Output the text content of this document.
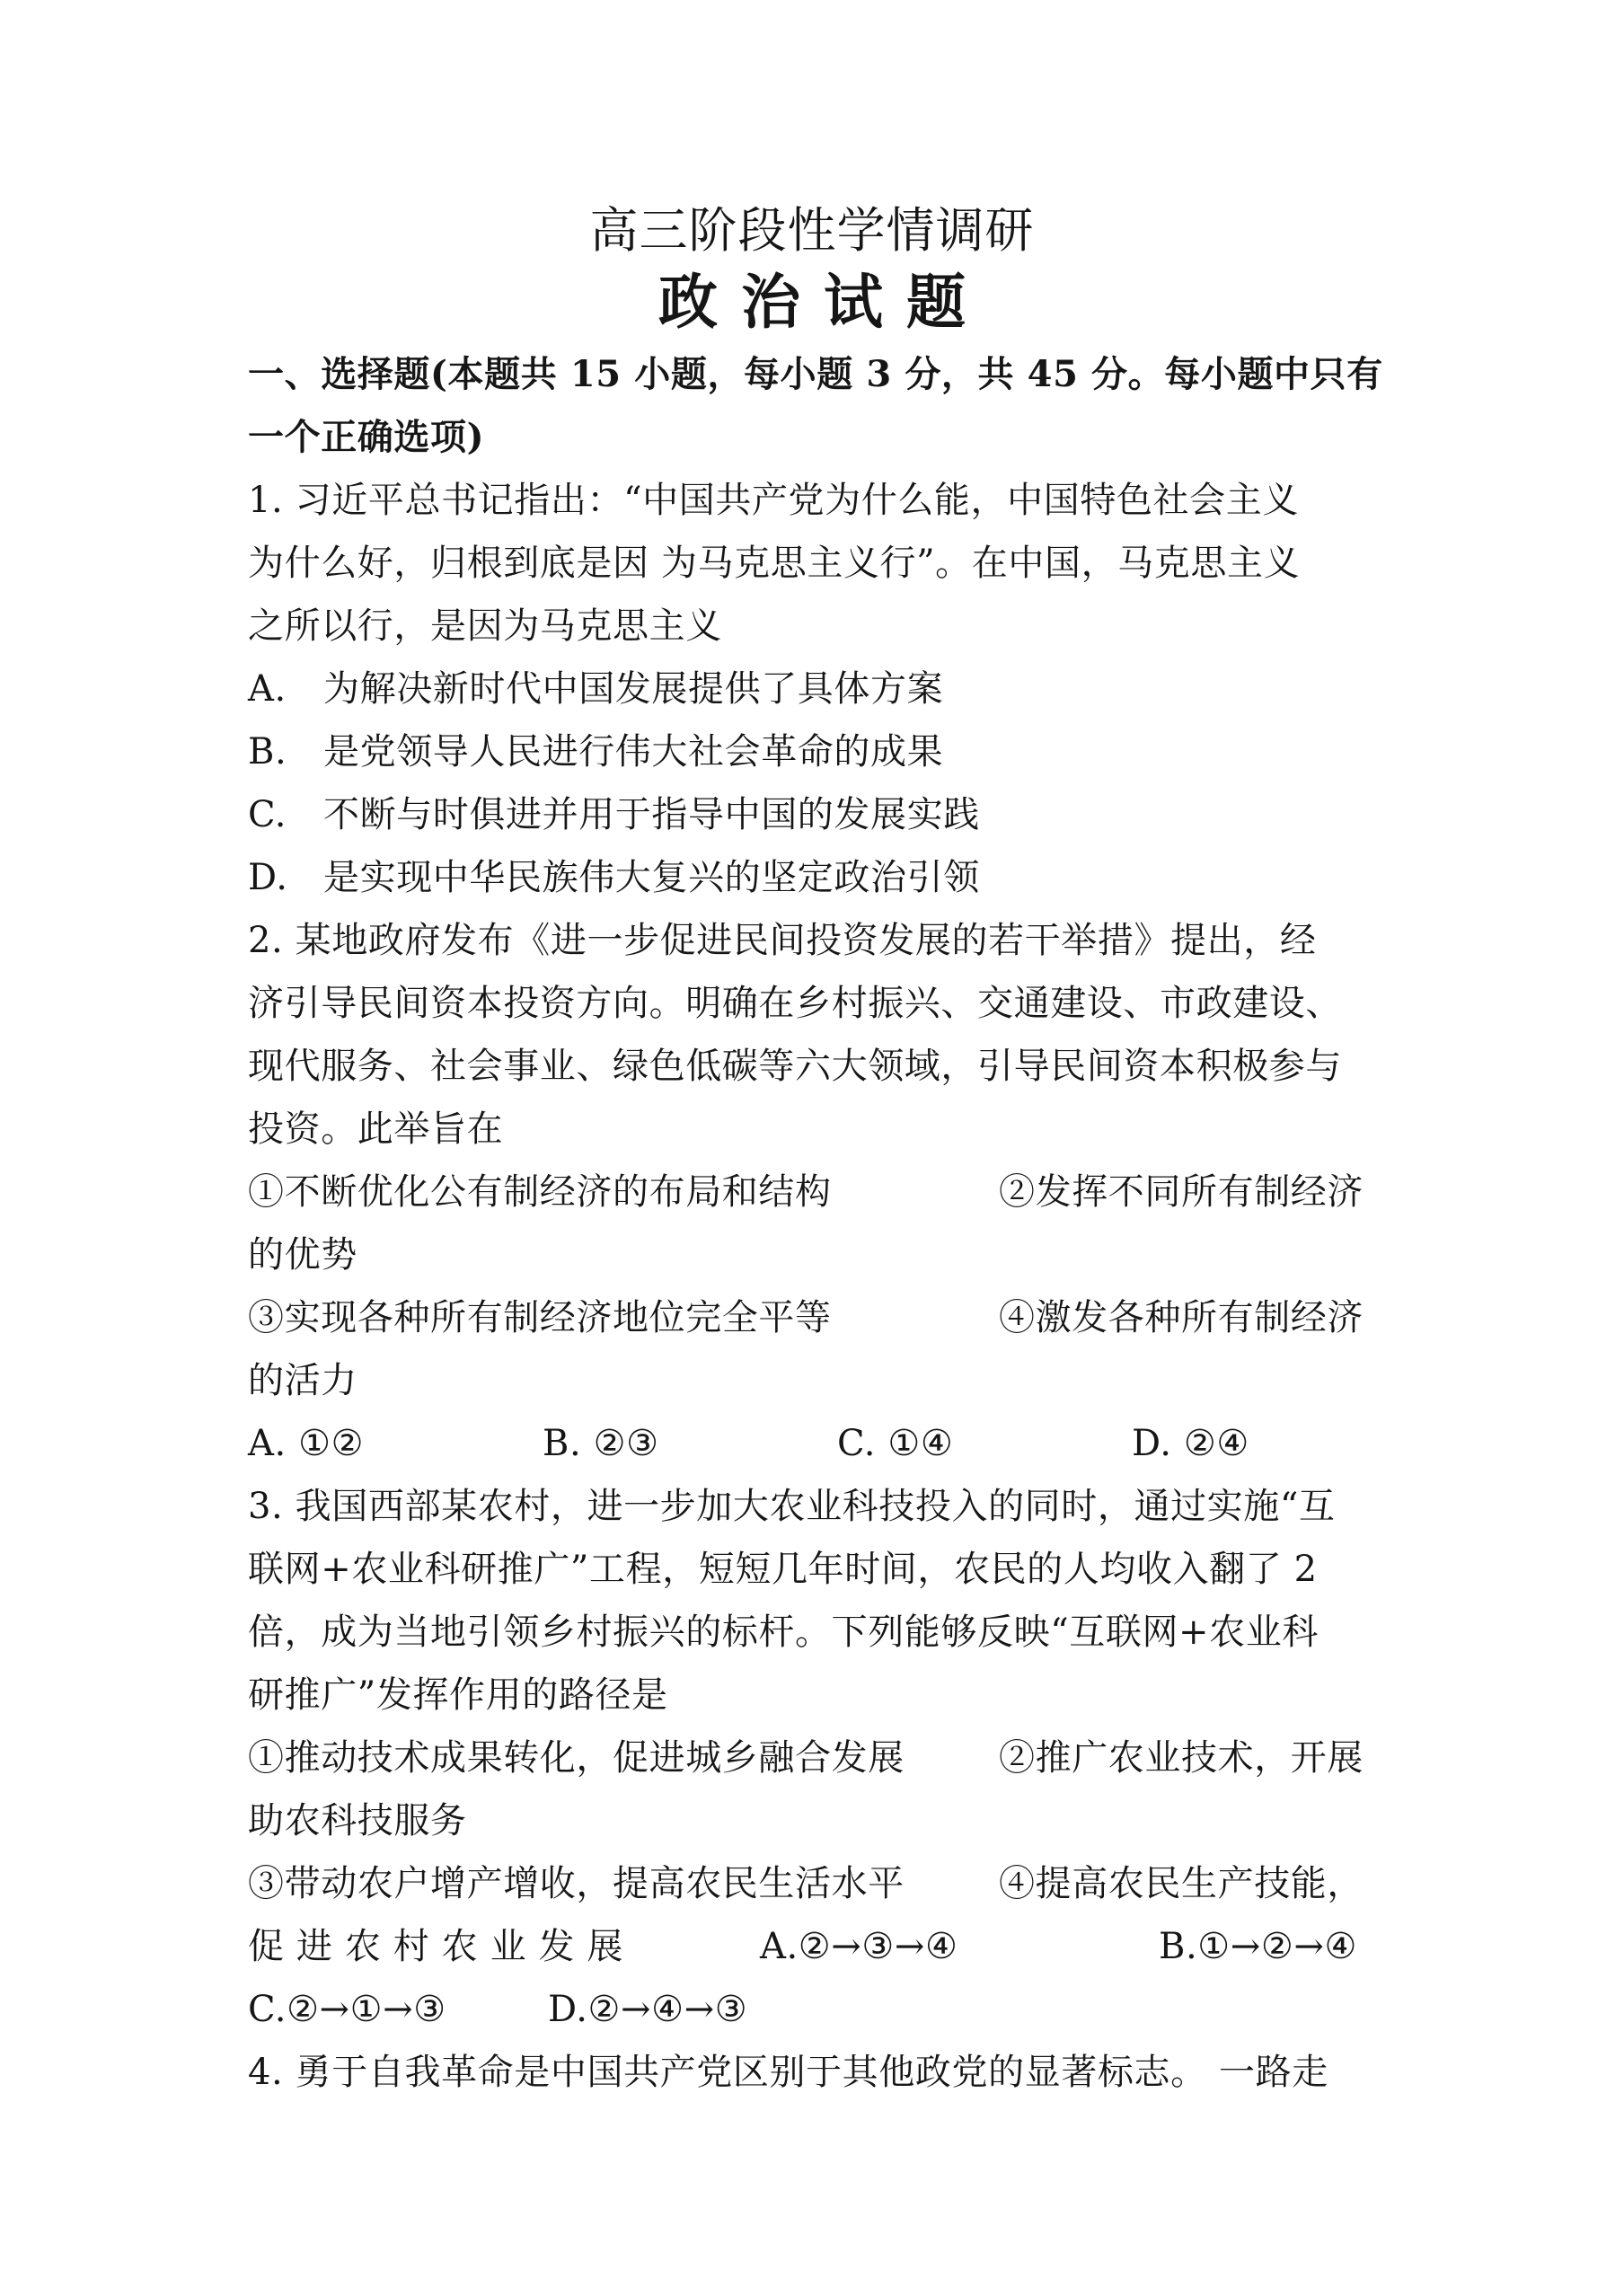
高三阶段性学情调研
政治试题
一、选择题(本题共 15 小题，每小题 3 分，共 45 分。每小题中只有
一个正确选项)
1. 习近平总书记指出：“中国共产党为什么能，中国特色社会主义
为什么好，归根到底是因 为马克思主义行”。在中国，马克思主义
之所以行，是因为马克思主义
A. 为解决新时代中国发展提供了具体方案
B. 是党领导人民进行伟大社会革命的成果
C. 不断与时俱进并用于指导中国的发展实践
D. 是实现中华民族伟大复兴的坚定政治引领
2. 某地政府发布《进一步促进民间投资发展的若干举措》提出，经
济引导民间资本投资方向。明确在乡村振兴、交通建设、市政建设、
现代服务、社会事业、绿色低碳等六大领域，引导民间资本积极参与
投资。此举旨在
①不断优化公有制经济的布局和结构	②发挥不同所有制经济
的优势
③实现各种所有制经济地位完全平等	④激发各种所有制经济
的活力
A. ①②	B. ②③	C. ①④	D. ②④
3. 我国西部某农村，进一步加大农业科技投入的同时，通过实施“互
联网+农业科研推广”工程，短短几年时间，农民的人均收入翻了 2
倍，成为当地引领乡村振兴的标杆。下列能够反映“互联网+农业科
研推广”发挥作用的路径是
①推动技术成果转化，促进城乡融合发展	②推广农业技术，开展
助农科技服务
③带动农户增产增收，提高农民生活水平	④提高农民生产技能，
促 进 农 村 农 业 发 展	A.②→③→④	B.①→②→④
C.②→①→③	D.②→④→③
4. 勇于自我革命是中国共产党区别于其他政党的显著标志。 一路走
